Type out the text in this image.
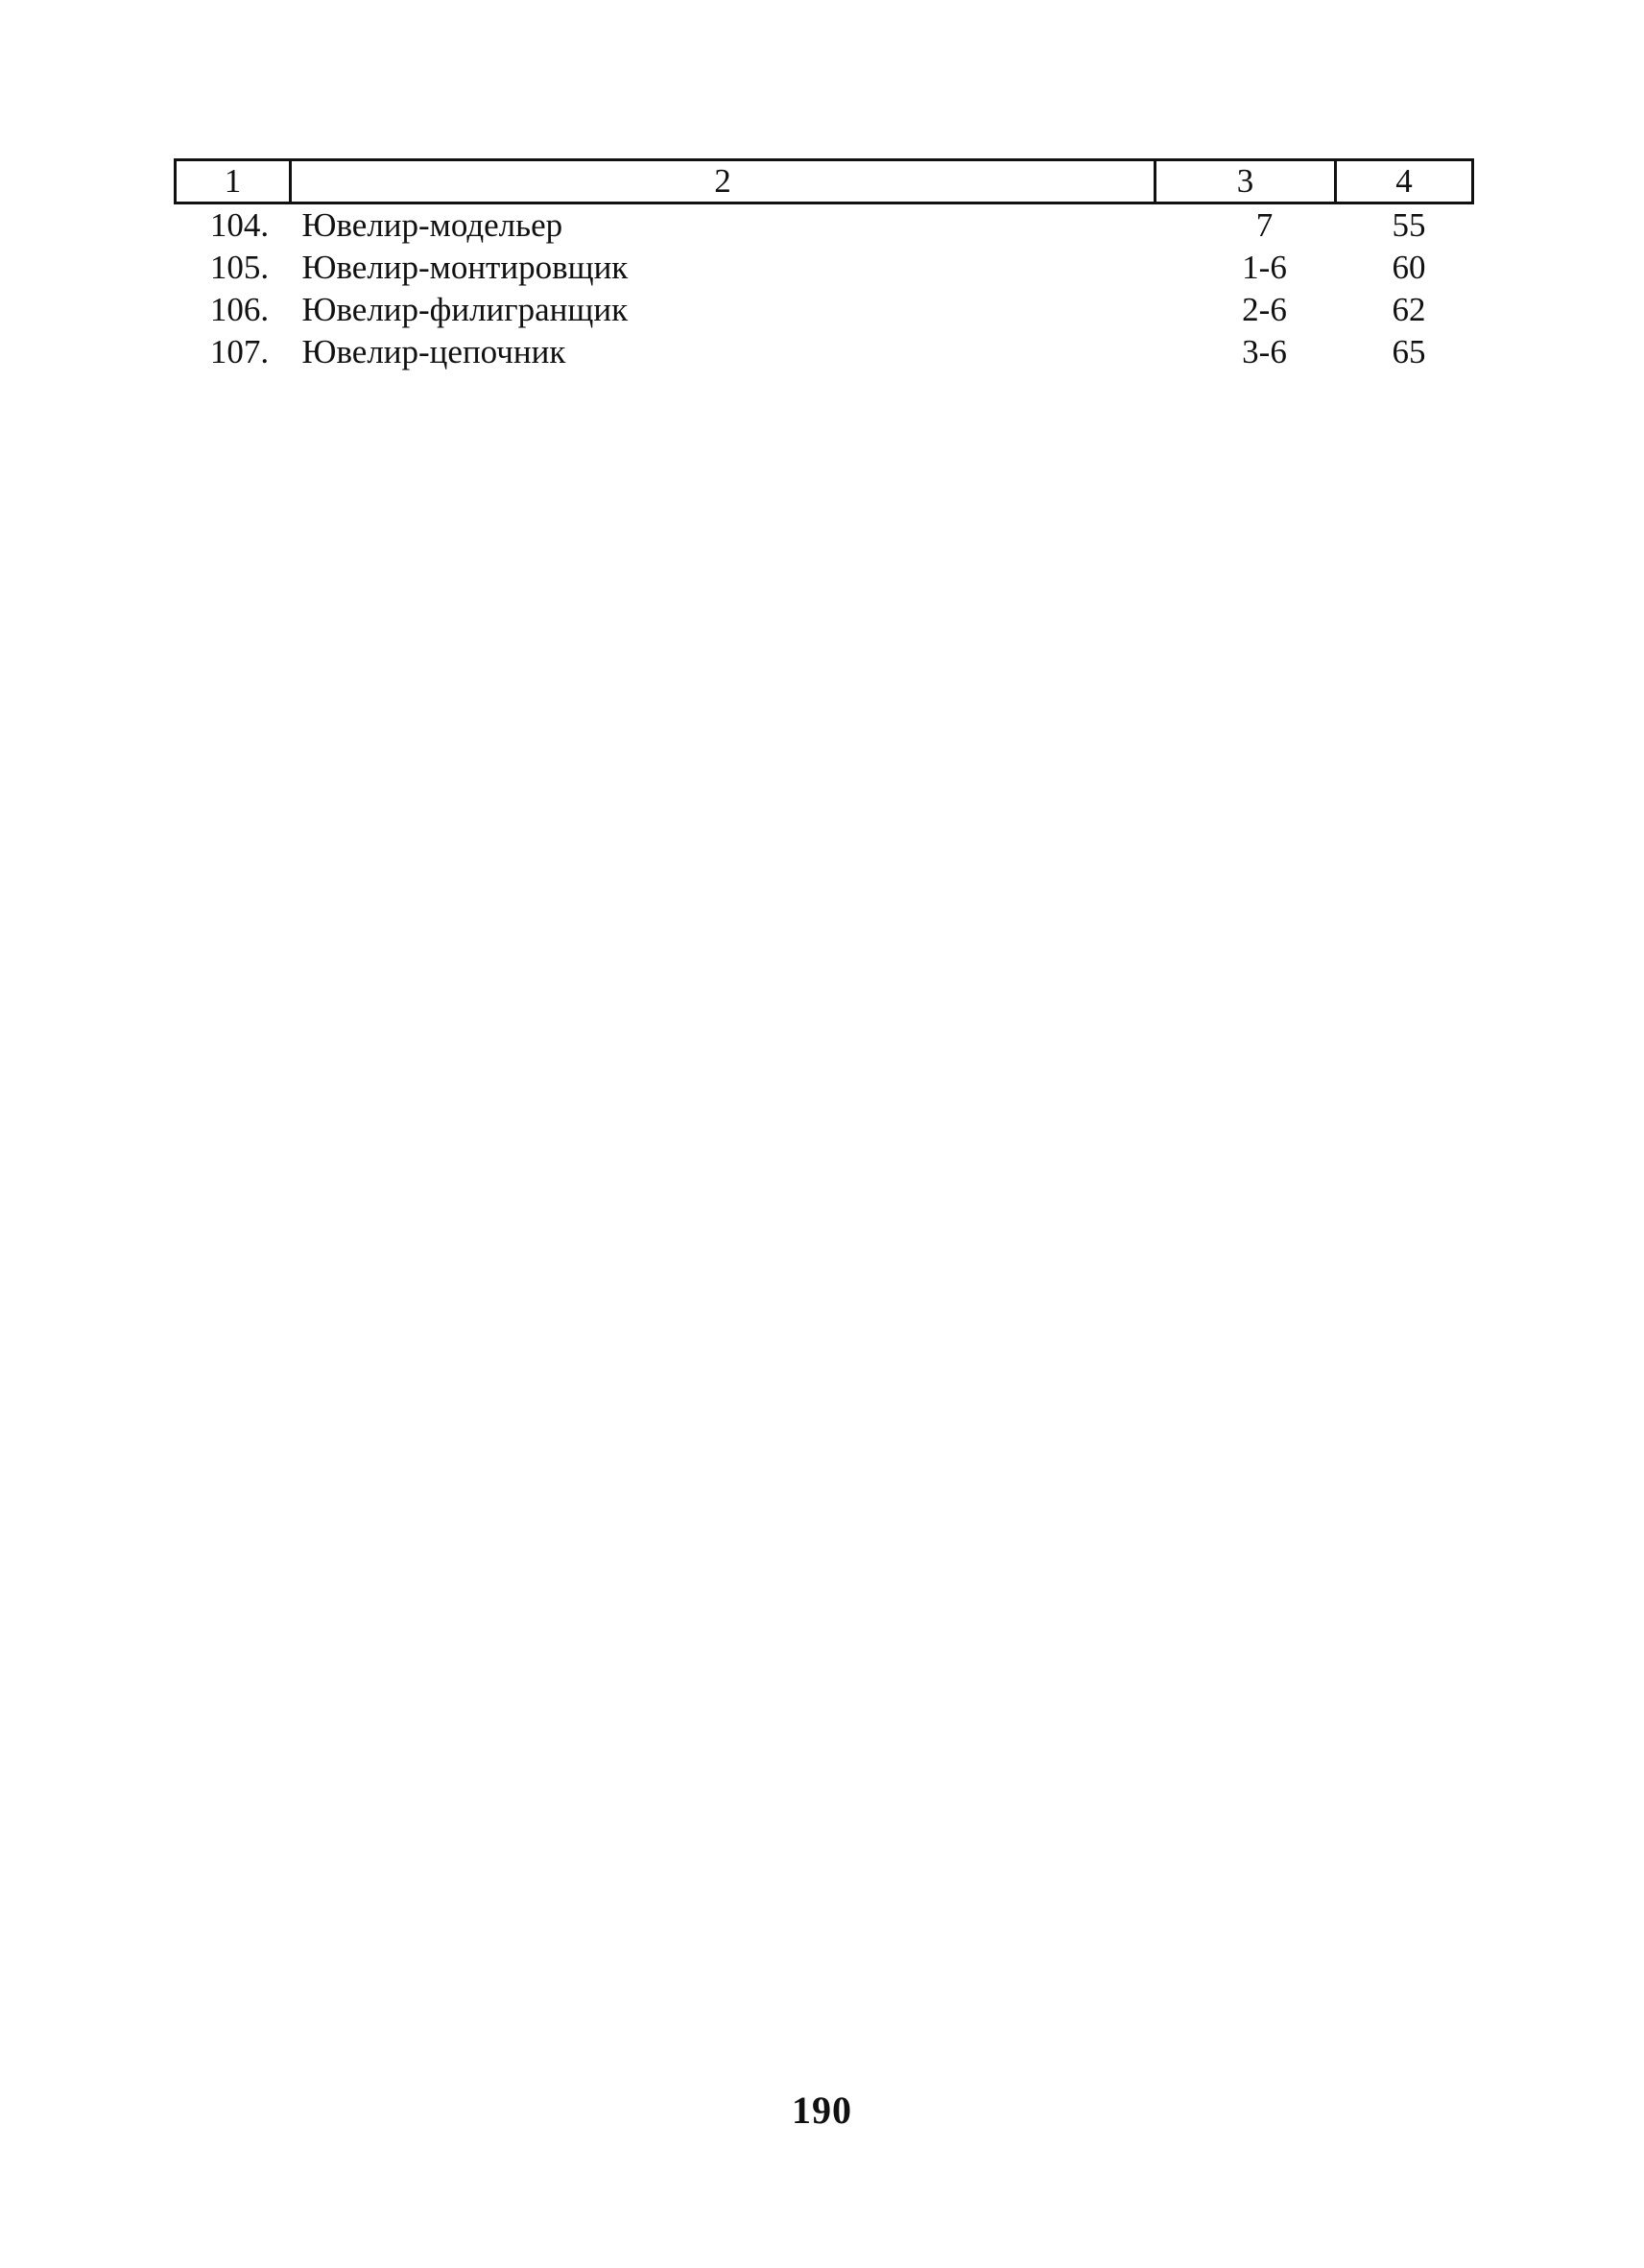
1	2	3	4
104.	Ювелир-модельер	7	55
105.	Ювелир-монтировщик	1-6	60
106.	Ювелир-филигранщик	2-6	62
107.	Ювелир-цепочник	3-6	65
190
